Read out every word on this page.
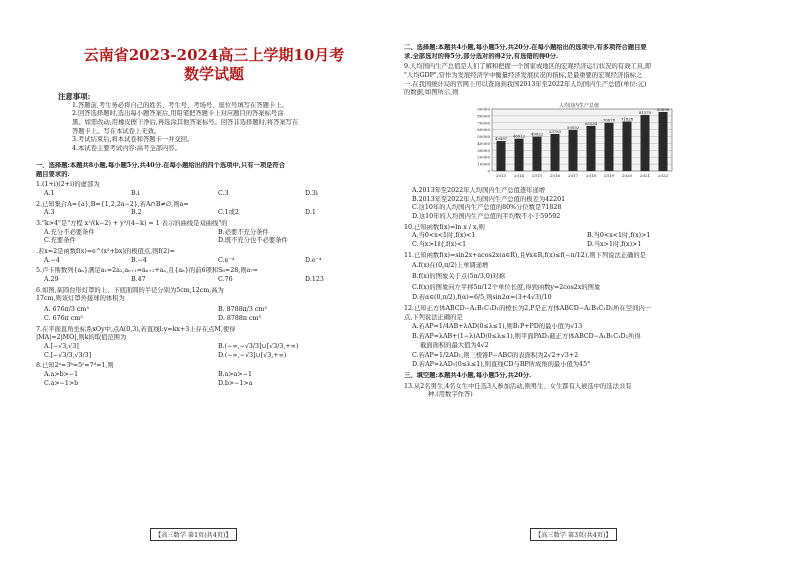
云南省2023-2024高三上学期10月考
数学试题
注意事项:
1.答题前,考生务必将自己的姓名、考生号、考场号、座位号填写在答题卡上。
2.回答选择题时,选出每小题答案后,用铅笔把答题卡上对应题目的答案标号涂
黑。如需改动,用橡皮擦干净后,再选涂其他答案标号。回答非选择题时,将答案写在
答题卡上。写在本试卷上无效。
3.考试结束后,将本试卷和答题卡一并交回。
4.本试卷主要考试内容:高考全部内容。
一、选择题:本题共8小题,每小题5分,共40分.在每小题给出的四个选项中,只有一项是符合
题目要求的.
1.(1+i)(2+i)的虚部为
A.1	B.i	C.3	D.3i
2.已知集合A={a},B={1,2,2a−2},若A∩B≠∅,则a=
A.3	B.2	C.1或2	D.1
3."k>4"是"方程 x²/(k−2) + y²/(4−k) = 1 表示的曲线是双曲线"的
A.充分不必要条件	B.必要不充分条件
C.充要条件	D.既不充分也不必要条件
.若x=2是函数f(x)=e^(x²+bx)的极值点,则f(2)=
A.−4	B.−4	C.e⁻⁴	D.e⁻⁴
5.卢卡斯数列{aₙ}满足a₁=2a₂,aₙ₊₁=aₙ₊₁+aₙ,且{aₙ}的前6项和S₆=28,则a₇=
A.29	B.47	C.76	D.123
6.如图,某圆台形灯罩的上、下底面圆的半径分别为5cm,12cm,高为
17cm,则该灯罩外接球的体积为
A. 676π/3 cm³	B. 8788π/3 cm³
C. 676π cm³	D. 8788π cm³
7.在平面直角坐标系xOy中,点A(0,3),若直线l:y=kx+3上存在点M,使得
|MA|=2|MO|,则k的取值范围为
A.[−√3,√3]	B.(−∞,−√3/3]∪[√3/3,+∞)
C.[−√3/3,√3/3]	D.(−∞,−√3]∪[√3,+∞)
8.已知2ᵃ=3ᵇ=5ᶜ=7ᵈ=1,则
A.a>b>−1	B.a>a>−1
C.a>−1>b	D.b>−1>a
二、选择题:本题共4小题,每小题5分,共20分.在每小题给出的选项中,有多项符合题目要
求.全部选对的得5分,部分选对的得2分,有选错的得0分.
9.人均国内生产总值是人们了解和把握一个国家或地区的宏观经济运行状况的有效工具,即
"人均GDP",常作为发展经济学中衡量经济发展状况的指标,是最重要的宏观经济指标之
一.在我国统计局的官网上可以查询到我国2013年至2022年人均国内生产总值(单位:元)
的数据,如图所示,则
人均国内生产总值
0
10000
20000
30000
40000
50000
60000
70000
80000
90000
43497
2013
46912
2014
49922
2015
53783
2016
59592
2017
65534
2018
70078
2019
71828
2020
81370
2021
85698
2022
A.2013年至2022年人均国内生产总值逐年递增
B.2013年至2022年人均国内生产总值的极差为42201
C.这10年的人均国内生产总值的80%分位数是71828
D.这10年的人均国内生产总值的平均数不小于59592
10.已知函数f(x)=ln x / x,则
A.当0<x<1时,f(x)<1	B.当0<x<1时,f(x)>1
C.当x>1时,f(x)<1	D.当x>1时,f(x)>1
11.已知函数f(x)=sin2x+acos2x(a∈R),且∀x∈R,f(x)≤f(−π/12),则下列说法正确的是
A.f(x)在(0,π/2)上单调递增
B.f(x)的图象关于点(5π/3,0)对称
C.f(x)的图象向左平移5π/12个单位长度,得到函数y=2cos2x的图象
D.若α∈(0,π/2),f(α)=6/5,则sin2α=(3+4√3)/10
12.已知正方体ABCD−A₁B₁C₁D₁的棱长为2,P是正方体ABCD−A₁B₁C₁D₁所在空间内一
点,下列说法正确的是
A.若AP=1/4AB+λAD(0≤λ≤1),则B₁P+PD的最小值为√13
B.若AP=λAB+(1−λ)AD(0≤λ≤1),则平面PAD₁截正方体ABCD−A₁B₁C₁D₁所得
截面面积的最大值为4√2
C.若AP=1/2AD₁,则三棱锥P−ABC的表面积为2√2+√3+2
D.若AP=λAD₁(0≤λ≤1),则直线CD与BP所成角的最小值为45°
三、填空题:本题共4小题,每小题5分,共20分.
13.从2名男生,4名女生中任选3人参加活动,则男生、女生都有人被选中的选法共有
种.(用数字作答)
【高三数学 第1页(共4页)】	【高三数学 第3页(共4页)】
